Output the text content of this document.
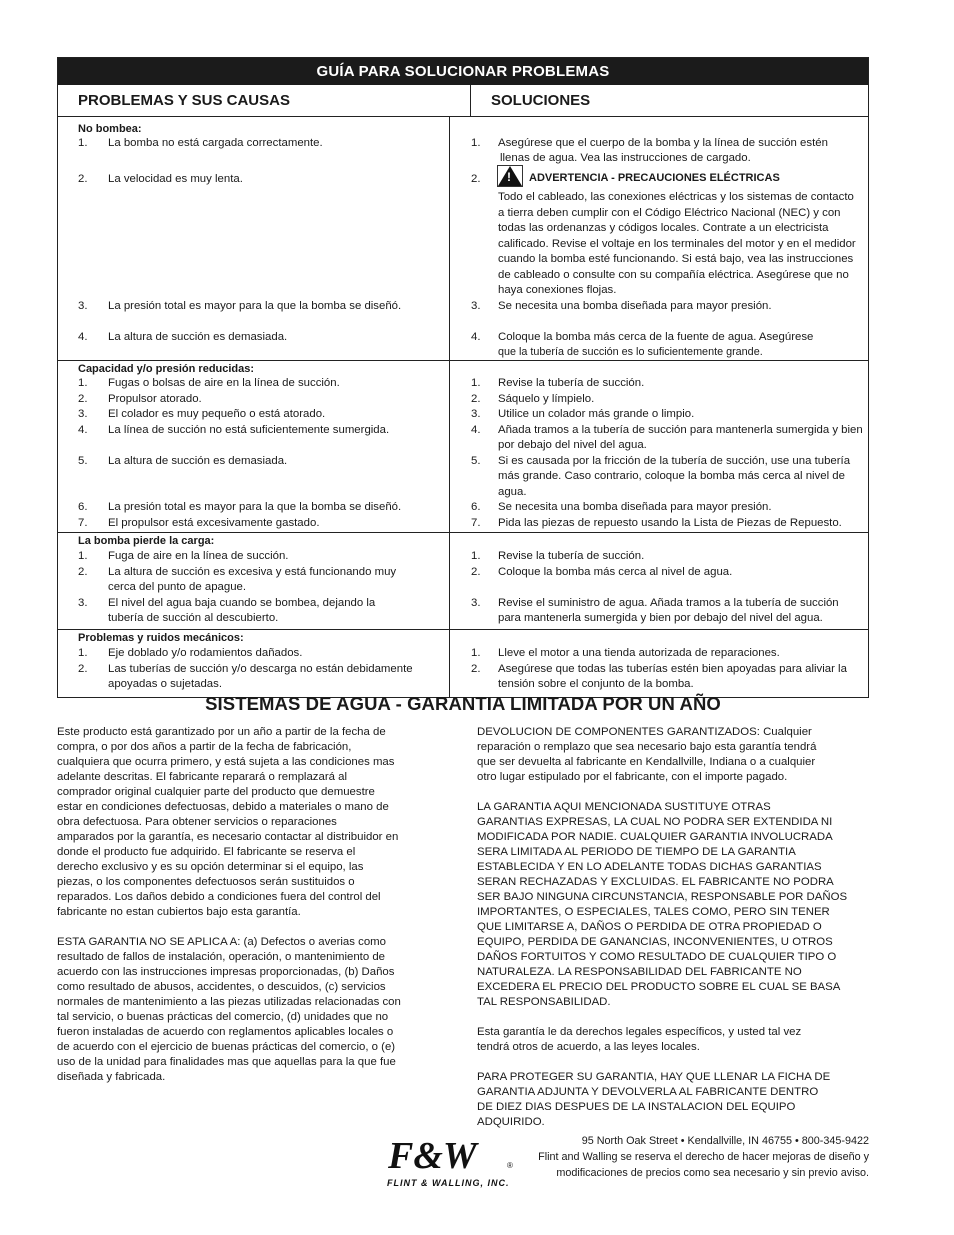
GUÍA PARA SOLUCIONAR PROBLEMAS
PROBLEMAS Y SUS CAUSAS	SOLUCIONES
No bombea:
1. La bomba no está cargada correctamente.
2. La velocidad es muy lenta.
3. La presión total es mayor para la que la bomba se diseñó.
4. La altura de succión es demasiada.
1. Asegúrese que el cuerpo de la bomba y la línea de succión estén
llenas de agua. Vea las instrucciones de cargado.
2. ! ADVERTENCIA - PRECAUCIONES ELÉCTRICAS
Todo el cableado, las conexiones eléctricas y los sistemas de contacto
a tierra deben cumplir con el Código Eléctrico Nacional (NEC) y con
todas las ordenanzas y códigos locales. Contrate a un electricista
calificado. Revise el voltaje en los terminales del motor y en el medidor
cuando la bomba esté funcionando. Si está bajo, vea las instrucciones
de cableado o consulte con su compañía eléctrica. Asegúrese que no
haya conexiones flojas.
3. Se necesita una bomba diseñada para mayor presión.
4. Coloque la bomba más cerca de la fuente de agua. Asegúrese
que la tubería de succión es lo suficientemente grande.
Capacidad y/o presión reducidas:
1. Fugas o bolsas de aire en la línea de succión.
2. Propulsor atorado.
3. El colador es muy pequeño o está atorado.
4. La línea de succión no está suficientemente sumergida.
5. La altura de succión es demasiada.
6. La presión total es mayor para la que la bomba se diseñó.
7. El propulsor está excesivamente gastado.
1. Revise la tubería de succión.
2. Sáquelo y límpielo.
3. Utilice un colador más grande o limpio.
4. Añada tramos a la tubería de succión para mantenerla sumergida y bien
por debajo del nivel del agua.
5. Si es causada por la fricción de la tubería de succión, use una tubería
más grande. Caso contrario, coloque la bomba más cerca al nivel de
agua.
6. Se necesita una bomba diseñada para mayor presión.
7. Pida las piezas de repuesto usando la Lista de Piezas de Repuesto.
La bomba pierde la carga:
1. Fuga de aire en la línea de succión.
2. La altura de succión es excesiva y está funcionando muy
cerca del punto de apague.
3. El nivel del agua baja cuando se bombea, dejando la
tubería de succión al descubierto.
1. Revise la tubería de succión.
2. Coloque la bomba más cerca al nivel de agua.
3. Revise el suministro de agua. Añada tramos a la tubería de succión
para mantenerla sumergida y bien por debajo del nivel del agua.
Problemas y ruidos mecánicos:
1. Eje doblado y/o rodamientos dañados.
2. Las tuberías de succión y/o descarga no están debidamente
apoyadas o sujetadas.
1. Lleve el motor a una tienda autorizada de reparaciones.
2. Asegúrese que todas las tuberías estén bien apoyadas para aliviar la
tensión sobre el conjunto de la bomba.
SISTEMAS DE AGUA - GARANTIA LIMITADA POR UN AÑO

Este producto está garantizado por un año a partir de la fecha de
compra, o por dos años a partir de la fecha de fabricación,
cualquiera que ocurra primero, y está sujeta a las condiciones mas
adelante descritas. El fabricante reparará o remplazará al
comprador original cualquier parte del producto que demuestre
estar en condiciones defectuosas, debido a materiales o mano de
obra defectuosa. Para obtener servicios o reparaciones
amparados por la garantía, es necesario contactar al distribuidor en
donde el producto fue adquirido. El fabricante se reserva el
derecho exclusivo y es su opción determinar si el equipo, las
piezas, o los componentes defectuosos serán sustituidos o
reparados. Los daños debido a condiciones fuera del control del
fabricante no estan cubiertos bajo esta garantía.

ESTA GARANTIA NO SE APLICA A: (a) Defectos o averias como
resultado de fallos de instalación, operación, o mantenimiento de
acuerdo con las instrucciones impresas proporcionadas, (b) Daños
como resultado de abusos, accidentes, o descuidos, (c) servicios
normales de mantenimiento a las piezas utilizadas relacionadas con
tal servicio, o buenas prácticas del comercio, (d) unidades que no
fueron instaladas de acuerdo con reglamentos aplicables locales o
de acuerdo con el ejercicio de buenas prácticas del comercio, o (e)
uso de la unidad para finalidades mas que aquellas para la que fue
diseñada y fabricada.

DEVOLUCION DE COMPONENTES GARANTIZADOS: Cualquier
reparación o remplazo que sea necesario bajo esta garantía tendrá
que ser devuelta al fabricante en Kendallville, Indiana o a cualquier
otro lugar estipulado por el fabricante, con el importe pagado.

LA GARANTIA AQUI MENCIONADA SUSTITUYE OTRAS
GARANTIAS EXPRESAS, LA CUAL NO PODRA SER EXTENDIDA NI
MODIFICADA POR NADIE. CUALQUIER GARANTIA INVOLUCRADA
SERA LIMITADA AL PERIODO DE TIEMPO DE LA GARANTIA
ESTABLECIDA Y EN LO ADELANTE TODAS DICHAS GARANTIAS
SERAN RECHAZADAS Y EXCLUIDAS. EL FABRICANTE NO PODRA
SER BAJO NINGUNA CIRCUNSTANCIA, RESPONSABLE POR DAÑOS
IMPORTANTES, O ESPECIALES, TALES COMO, PERO SIN TENER
QUE LIMITARSE A, DAÑOS O PERDIDA DE OTRA PROPIEDAD O
EQUIPO, PERDIDA DE GANANCIAS, INCONVENIENTES, U OTROS
DAÑOS FORTUITOS Y COMO RESULTADO DE CUALQUIER TIPO O
NATURALEZA. LA RESPONSABILIDAD DEL FABRICANTE NO
EXCEDERA EL PRECIO DEL PRODUCTO SOBRE EL CUAL SE BASA
TAL RESPONSABILIDAD.

Esta garantía le da derechos legales específicos, y usted tal vez
tendrá otros de acuerdo, a las leyes locales.

PARA PROTEGER SU GARANTIA, HAY QUE LLENAR LA FICHA DE
GARANTIA ADJUNTA Y DEVOLVERLA AL FABRICANTE DENTRO
DE DIEZ DIAS DESPUES DE LA INSTALACION DEL EQUIPO
ADQUIRIDO.

F&W	®
FLINT & WALLING, INC.
95 North Oak Street • Kendallville, IN 46755 • 800-345-9422
Flint and Walling se reserva el derecho de hacer mejoras de diseño y
modificaciones de precios como sea necesario y sin previo aviso.
